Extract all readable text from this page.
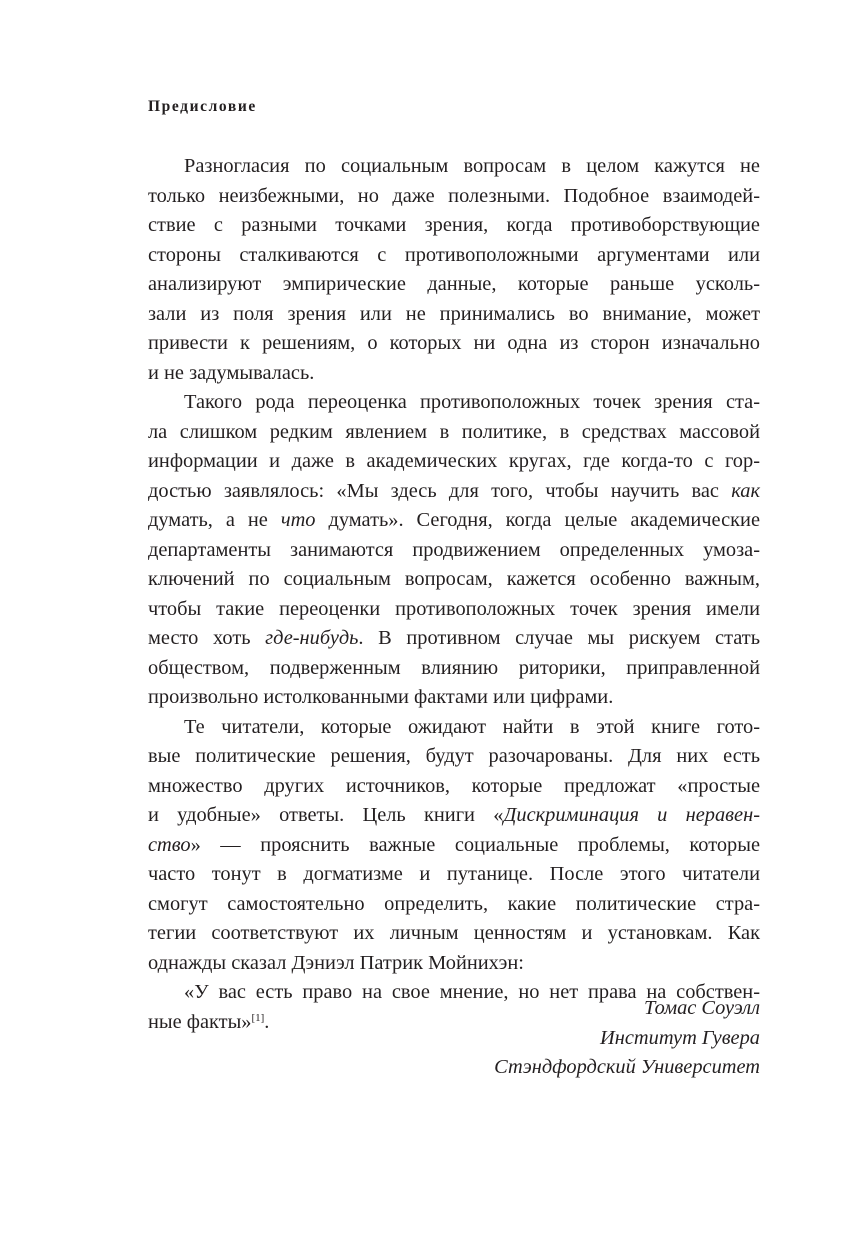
Предисловие
Разногласия по социальным вопросам в целом кажутся не
только неизбежными, но даже полезными. Подобное взаимодей-
ствие с разными точками зрения, когда противоборствующие
стороны сталкиваются с противоположными аргументами или
анализируют эмпирические данные, которые раньше усколь-
зали из поля зрения или не принимались во внимание, может
привести к решениям, о которых ни одна из сторон изначально
и не задумывалась.
Такого рода переоценка противоположных точек зрения ста-
ла слишком редким явлением в политике, в средствах массовой
информации и даже в академических кругах, где когда-то с гор-
достью заявлялось: «Мы здесь для того, чтобы научить вас как
думать, а не что думать». Сегодня, когда целые академические
департаменты занимаются продвижением определенных умоза-
ключений по социальным вопросам, кажется особенно важным,
чтобы такие переоценки противоположных точек зрения имели
место хоть где-нибудь. В противном случае мы рискуем стать
обществом, подверженным влиянию риторики, приправленной
произвольно истолкованными фактами или цифрами.
Те читатели, которые ожидают найти в этой книге гото-
вые политические решения, будут разочарованы. Для них есть
множество других источников, которые предложат «простые
и удобные» ответы. Цель книги «Дискриминация и неравен-
ство» — прояснить важные социальные проблемы, которые
часто тонут в догматизме и путанице. После этого читатели
смогут самостоятельно определить, какие политические стра-
тегии соответствуют их личным ценностям и установкам. Как
однажды сказал Дэниэл Патрик Мойнихэн:
«У вас есть право на свое мнение, но нет права на собствен-
ные факты»[1].
Томас Соуэлл
Институт Гувера
Стэндфордский Университет
